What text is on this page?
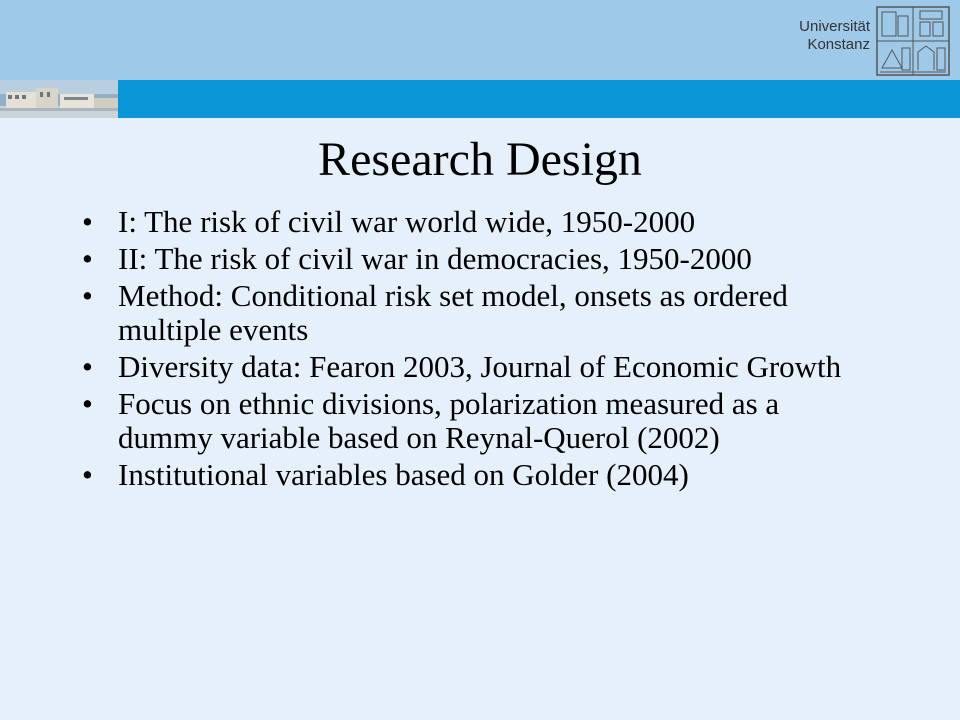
Universität
Konstanz
Research Design
• I: The risk of civil war world wide, 1950-2000
• II: The risk of civil war in democracies, 1950-2000
• Method: Conditional risk set model, onsets as ordered multiple events
• Diversity data: Fearon 2003, Journal of Economic Growth
• Focus on ethnic divisions, polarization measured as a dummy variable based on Reynal-Querol (2002)
• Institutional variables based on Golder (2004)
